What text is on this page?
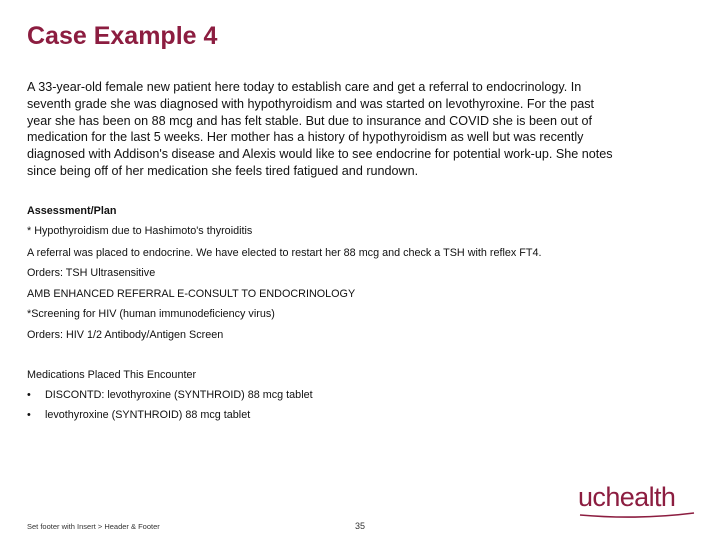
Case Example 4
A 33-year-old female new patient here today to establish care and get a referral to endocrinology. In
seventh grade she was diagnosed with hypothyroidism and was started on levothyroxine. For the past
year she has been on 88 mcg and has felt stable. But due to insurance and COVID she is been out of
medication for the last 5 weeks. Her mother has a history of hypothyroidism as well but was recently
diagnosed with Addison's disease and Alexis would like to see endocrine for potential work-up. She notes
since being off of her medication she feels tired fatigued and rundown.
Assessment/Plan
* Hypothyroidism due to Hashimoto's thyroiditis
A referral was placed to endocrine. We have elected to restart her 88 mcg and check a TSH with reflex FT4.
Orders: TSH Ultrasensitive
AMB ENHANCED REFERRAL E-CONSULT TO ENDOCRINOLOGY
*Screening for HIV (human immunodeficiency virus)
Orders: HIV 1/2 Antibody/Antigen Screen
Medications Placed This Encounter
• DISCONTD: levothyroxine (SYNTHROID) 88 mcg tablet
• levothyroxine (SYNTHROID) 88 mcg tablet
uchealth
Set footer with Insert > Header & Footer	35
